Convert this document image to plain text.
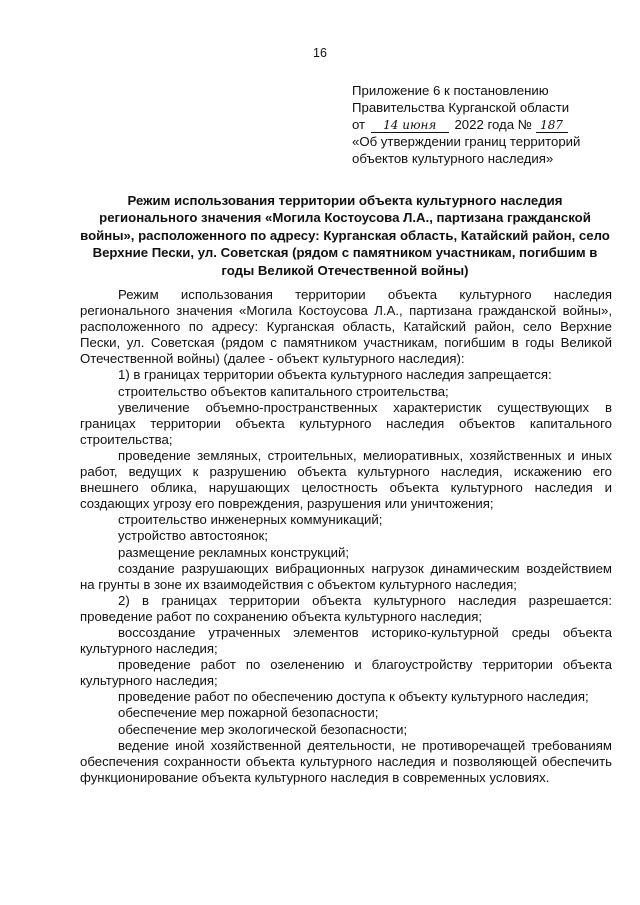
16
Приложение 6 к постановлению
Правительства Курганской области
от 14 июня 2022 года № 187
«Об утверждении границ территорий
объектов культурного наследия»
Режим использования территории объекта культурного наследия регионального значения «Могила Костоусова Л.А., партизана гражданской войны», расположенного по адресу: Курганская область, Катайский район, село Верхние Пески, ул. Советская (рядом с памятником участникам, погибшим в годы Великой Отечественной войны)

Режим использования территории объекта культурного наследия регионального значения «Могила Костоусова Л.А., партизана гражданской войны», расположенного по адресу: Курганская область, Катайский район, село Верхние Пески, ул. Советская (рядом с памятником участникам, погибшим в годы Великой Отечественной войны) (далее - объект культурного наследия):

1) в границах территории объекта культурного наследия запрещается:

строительство объектов капитального строительства;

увеличение объемно-пространственных характеристик существующих в границах территории объекта культурного наследия объектов капитального строительства;

проведение земляных, строительных, мелиоративных, хозяйственных и иных работ, ведущих к разрушению объекта культурного наследия, искажению его внешнего облика, нарушающих целостность объекта культурного наследия и создающих угрозу его повреждения, разрушения или уничтожения;

строительство инженерных коммуникаций;

устройство автостоянок;

размещение рекламных конструкций;

создание разрушающих вибрационных нагрузок динамическим воздействием на грунты в зоне их взаимодействия с объектом культурного наследия;

2) в границах территории объекта культурного наследия разрешается: проведение работ по сохранению объекта культурного наследия;

воссоздание утраченных элементов историко-культурной среды объекта культурного наследия;

проведение работ по озеленению и благоустройству территории объекта культурного наследия;

проведение работ по обеспечению доступа к объекту культурного наследия;

обеспечение мер пожарной безопасности;

обеспечение мер экологической безопасности;

ведение иной хозяйственной деятельности, не противоречащей требованиям обеспечения сохранности объекта культурного наследия и позволяющей обеспечить функционирование объекта культурного наследия в современных условиях.
